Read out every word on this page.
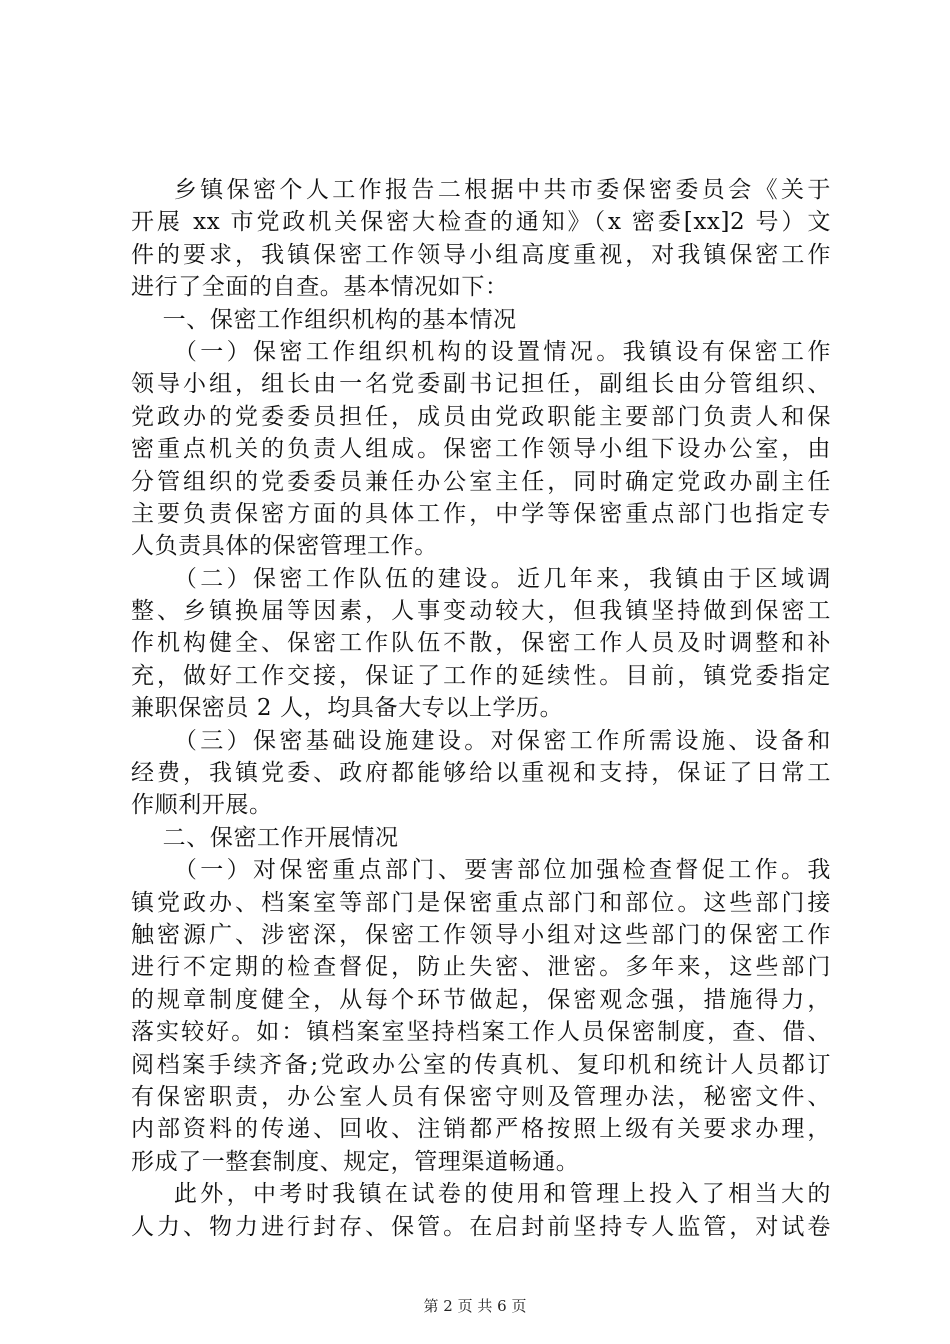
乡镇保密个人工作报告二根据中共市委保密委员会《关于
开展 xx 市党政机关保密大检查的通知》（x 密委[xx]2 号）文
件的要求，我镇保密工作领导小组高度重视，对我镇保密工作
进行了全面的自查。基本情况如下：
一、保密工作组织机构的基本情况
（一）保密工作组织机构的设置情况。我镇设有保密工作
领导小组，组长由一名党委副书记担任，副组长由分管组织、
党政办的党委委员担任，成员由党政职能主要部门负责人和保
密重点机关的负责人组成。保密工作领导小组下设办公室，由
分管组织的党委委员兼任办公室主任，同时确定党政办副主任
主要负责保密方面的具体工作，中学等保密重点部门也指定专
人负责具体的保密管理工作。
（二）保密工作队伍的建设。近几年来，我镇由于区域调
整、乡镇换届等因素，人事变动较大，但我镇坚持做到保密工
作机构健全、保密工作队伍不散，保密工作人员及时调整和补
充，做好工作交接，保证了工作的延续性。目前，镇党委指定
兼职保密员 2 人，均具备大专以上学历。
（三）保密基础设施建设。对保密工作所需设施、设备和
经费，我镇党委、政府都能够给以重视和支持，保证了日常工
作顺利开展。
二、保密工作开展情况
（一）对保密重点部门、要害部位加强检查督促工作。我
镇党政办、档案室等部门是保密重点部门和部位。这些部门接
触密源广、涉密深，保密工作领导小组对这些部门的保密工作
进行不定期的检查督促，防止失密、泄密。多年来，这些部门
的规章制度健全，从每个环节做起，保密观念强，措施得力，
落实较好。如：镇档案室坚持档案工作人员保密制度，查、借、
阅档案手续齐备;党政办公室的传真机、复印机和统计人员都订
有保密职责，办公室人员有保密守则及管理办法，秘密文件、
内部资料的传递、回收、注销都严格按照上级有关要求办理，
形成了一整套制度、规定，管理渠道畅通。
此外，中考时我镇在试卷的使用和管理上投入了相当大的
人力、物力进行封存、保管。在启封前坚持专人监管，对试卷
第 2 页 共 6 页
